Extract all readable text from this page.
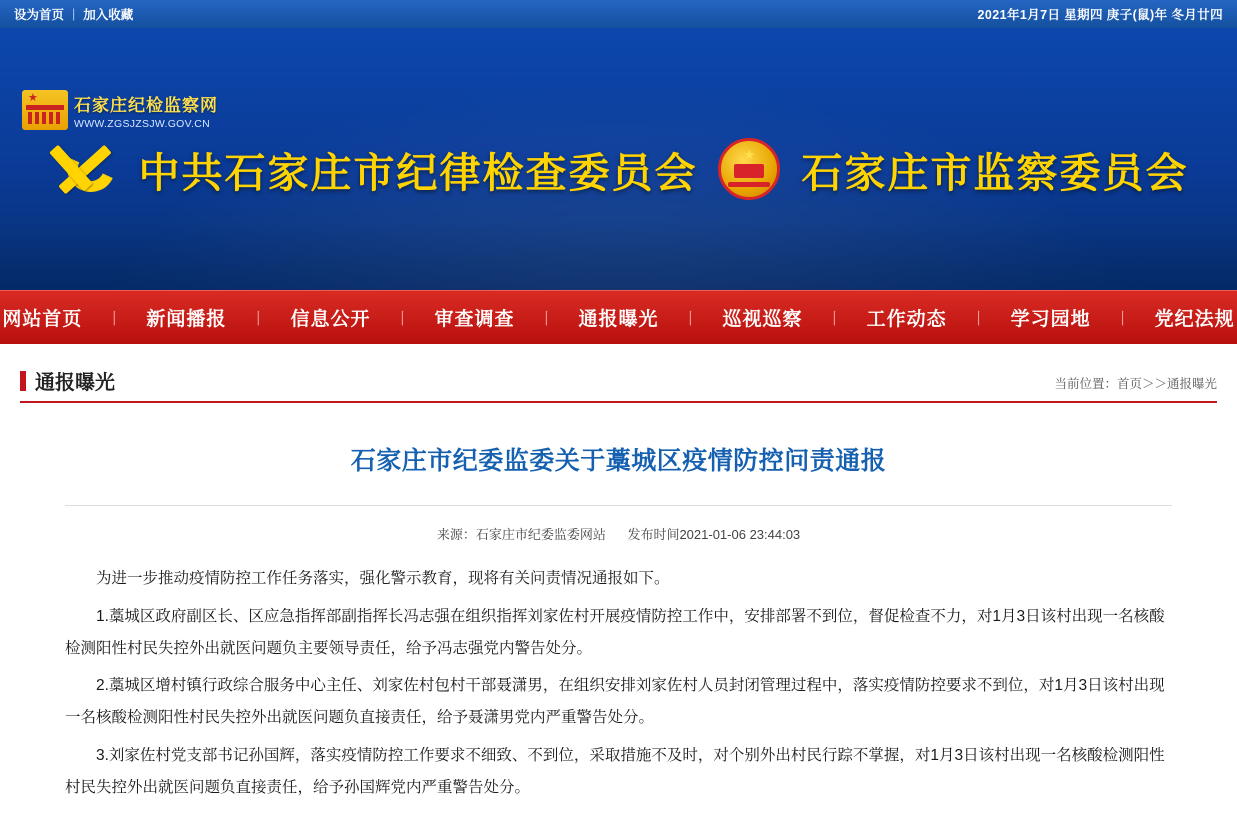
设为首页 | 加入收藏	2021年1月7日 星期四 庚子(鼠)年 冬月廿四
★ 石家庄纪检监察网
WWW.ZGSJZSJW.GOV.CN
中共石家庄市纪律检查委员会	★ 石家庄市监察委员会
网站首页	丨	新闻播报	丨	信息公开	丨	审查调查	丨	通报曝光	丨	巡视巡察	丨	工作动态	丨	学习园地	丨	党纪法规
通报曝光	当前位置：首页＞＞通报曝光
石家庄市纪委监委关于藁城区疫情防控问责通报
来源：石家庄市纪委监委网站 发布时间2021-01-06 23:44:03

为进一步推动疫情防控工作任务落实，强化警示教育，现将有关问责情况通报如下。

1.藁城区政府副区长、区应急指挥部副指挥长冯志强在组织指挥刘家佐村开展疫情防控工作中，安排部署不到位，督促检查不力，对1月3日该村出现一名核酸检测阳性村民失控外出就医问题负主要领导责任，给予冯志强党内警告处分。

2.藁城区增村镇行政综合服务中心主任、刘家佐村包村干部聂潇男，在组织安排刘家佐村人员封闭管理过程中，落实疫情防控要求不到位，对1月3日该村出现一名核酸检测阳性村民失控外出就医问题负直接责任，给予聂潇男党内严重警告处分。

3.刘家佐村党支部书记孙国辉，落实疫情防控工作要求不细致、不到位，采取措施不及时，对个别外出村民行踪不掌握，对1月3日该村出现一名核酸检测阳性村民失控外出就医问题负直接责任，给予孙国辉党内严重警告处分。
